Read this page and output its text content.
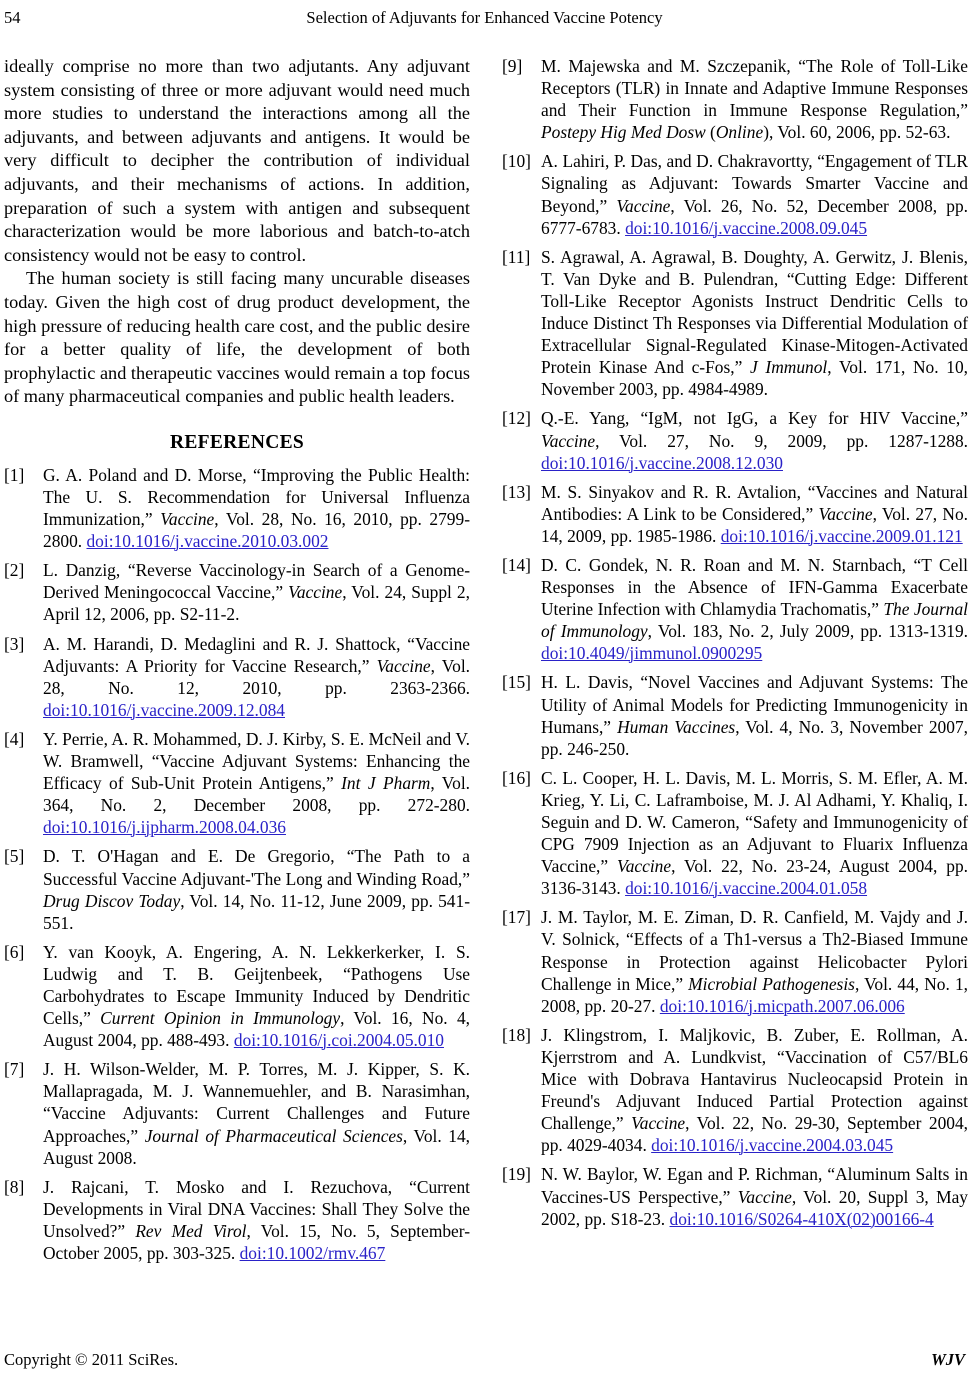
54	Selection of Adjuvants for Enhanced Vaccine Potency

ideally comprise no more than two adjutants. Any adjuvant system consisting of three or more adjuvant would need much more studies to understand the interactions among all the adjuvants, and between adjuvants and antigens. It would be very difficult to decipher the contribution of individual adjuvants, and their mechanisms of actions. In addition, preparation of such a system with antigen and subsequent characterization would be more laborious and batch-to-atch consistency would not be easy to control.

The human society is still facing many uncurable diseases today. Given the high cost of drug product development, the high pressure of reducing health care cost, and the public desire for a better quality of life, the development of both prophylactic and therapeutic vaccines would remain a top focus of many pharmaceutical companies and public health leaders.

REFERENCES
[1]	G. A. Poland and D. Morse, “Improving the Public Health: The U. S. Recommendation for Universal Influenza Immunization,” Vaccine, Vol. 28, No. 16, 2010, pp. 2799-2800. doi:10.1016/j.vaccine.2010.03.002
[2]	L. Danzig, “Reverse Vaccinology-in Search of a Genome-Derived Meningococcal Vaccine,” Vaccine, Vol. 24, Suppl 2, April 12, 2006, pp. S2-11-2.
[3]	A. M. Harandi, D. Medaglini and R. J. Shattock, “Vaccine Adjuvants: A Priority for Vaccine Research,” Vaccine, Vol. 28, No. 12, 2010, pp. 2363-2366. doi:10.1016/j.vaccine.2009.12.084
[4]	Y. Perrie, A. R. Mohammed, D. J. Kirby, S. E. McNeil and V. W. Bramwell, “Vaccine Adjuvant Systems: Enhancing the Efficacy of Sub-Unit Protein Antigens,” Int J Pharm, Vol. 364, No. 2, December 2008, pp. 272-280. doi:10.1016/j.ijpharm.2008.04.036
[5]	D. T. O'Hagan and E. De Gregorio, “The Path to a Successful Vaccine Adjuvant-'The Long and Winding Road,” Drug Discov Today, Vol. 14, No. 11-12, June 2009, pp. 541-551.
[6]	Y. van Kooyk, A. Engering, A. N. Lekkerkerker, I. S. Ludwig and T. B. Geijtenbeek, “Pathogens Use Carbohydrates to Escape Immunity Induced by Dendritic Cells,” Current Opinion in Immunology, Vol. 16, No. 4, August 2004, pp. 488-493. doi:10.1016/j.coi.2004.05.010
[7]	J. H. Wilson-Welder, M. P. Torres, M. J. Kipper, S. K. Mallapragada, M. J. Wannemuehler, and B. Narasimhan, “Vaccine Adjuvants: Current Challenges and Future Approaches,” Journal of Pharmaceutical Sciences, Vol. 14, August 2008.
[8]	J. Rajcani, T. Mosko and I. Rezuchova, “Current Developments in Viral DNA Vaccines: Shall They Solve the Unsolved?” Rev Med Virol, Vol. 15, No. 5, September-October 2005, pp. 303-325. doi:10.1002/rmv.467
[9]	M. Majewska and M. Szczepanik, “The Role of Toll-Like Receptors (TLR) in Innate and Adaptive Immune Responses and Their Function in Immune Response Regulation,” Postepy Hig Med Dosw (Online), Vol. 60, 2006, pp. 52-63.
[10] A. Lahiri, P. Das, and D. Chakravortty, “Engagement of TLR Signaling as Adjuvant: Towards Smarter Vaccine and Beyond,” Vaccine, Vol. 26, No. 52, December 2008, pp. 6777-6783. doi:10.1016/j.vaccine.2008.09.045
[11] S. Agrawal, A. Agrawal, B. Doughty, A. Gerwitz, J. Blenis, T. Van Dyke and B. Pulendran, “Cutting Edge: Different Toll-Like Receptor Agonists Instruct Dendritic Cells to Induce Distinct Th Responses via Differential Modulation of Extracellular Signal-Regulated Kinase-Mitogen-Activated Protein Kinase And c-Fos,” J Immunol, Vol. 171, No. 10, November 2003, pp. 4984-4989.
[12] Q.-E. Yang, “IgM, not IgG, a Key for HIV Vaccine,” Vaccine, Vol. 27, No. 9, 2009, pp. 1287-1288. doi:10.1016/j.vaccine.2008.12.030
[13] M. S. Sinyakov and R. R. Avtalion, “Vaccines and Natural Antibodies: A Link to be Considered,” Vaccine, Vol. 27, No. 14, 2009, pp. 1985-1986. doi:10.1016/j.vaccine.2009.01.121
[14] D. C. Gondek, N. R. Roan and M. N. Starnbach, “T Cell Responses in the Absence of IFN-Gamma Exacerbate Uterine Infection with Chlamydia Trachomatis,” The Journal of Immunology, Vol. 183, No. 2, July 2009, pp. 1313-1319. doi:10.4049/jimmunol.0900295
[15] H. L. Davis, “Novel Vaccines and Adjuvant Systems: The Utility of Animal Models for Predicting Immunogenicity in Humans,” Human Vaccines, Vol. 4, No. 3, November 2007, pp. 246-250.
[16] C. L. Cooper, H. L. Davis, M. L. Morris, S. M. Efler, A. M. Krieg, Y. Li, C. Laframboise, M. J. Al Adhami, Y. Khaliq, I. Seguin and D. W. Cameron, “Safety and Immunogenicity of CPG 7909 Injection as an Adjuvant to Fluarix Influenza Vaccine,” Vaccine, Vol. 22, No. 23-24, August 2004, pp. 3136-3143. doi:10.1016/j.vaccine.2004.01.058
[17] J. M. Taylor, M. E. Ziman, D. R. Canfield, M. Vajdy and J. V. Solnick, “Effects of a Th1-versus a Th2-Biased Immune Response in Protection against Helicobacter Pylori Challenge in Mice,” Microbial Pathogenesis, Vol. 44, No. 1, 2008, pp. 20-27. doi:10.1016/j.micpath.2007.06.006
[18] J. Klingstrom, I. Maljkovic, B. Zuber, E. Rollman, A. Kjerrstrom and A. Lundkvist, “Vaccination of C57/BL6 Mice with Dobrava Hantavirus Nucleocapsid Protein in Freund's Adjuvant Induced Partial Protection against Challenge,” Vaccine, Vol. 22, No. 29-30, September 2004, pp. 4029-4034. doi:10.1016/j.vaccine.2004.03.045
[19] N. W. Baylor, W. Egan and P. Richman, “Aluminum Salts in Vaccines-US Perspective,” Vaccine, Vol. 20, Suppl 3, May 2002, pp. S18-23. doi:10.1016/S0264-410X(02)00166-4
Copyright © 2011 SciRes.	WJV
